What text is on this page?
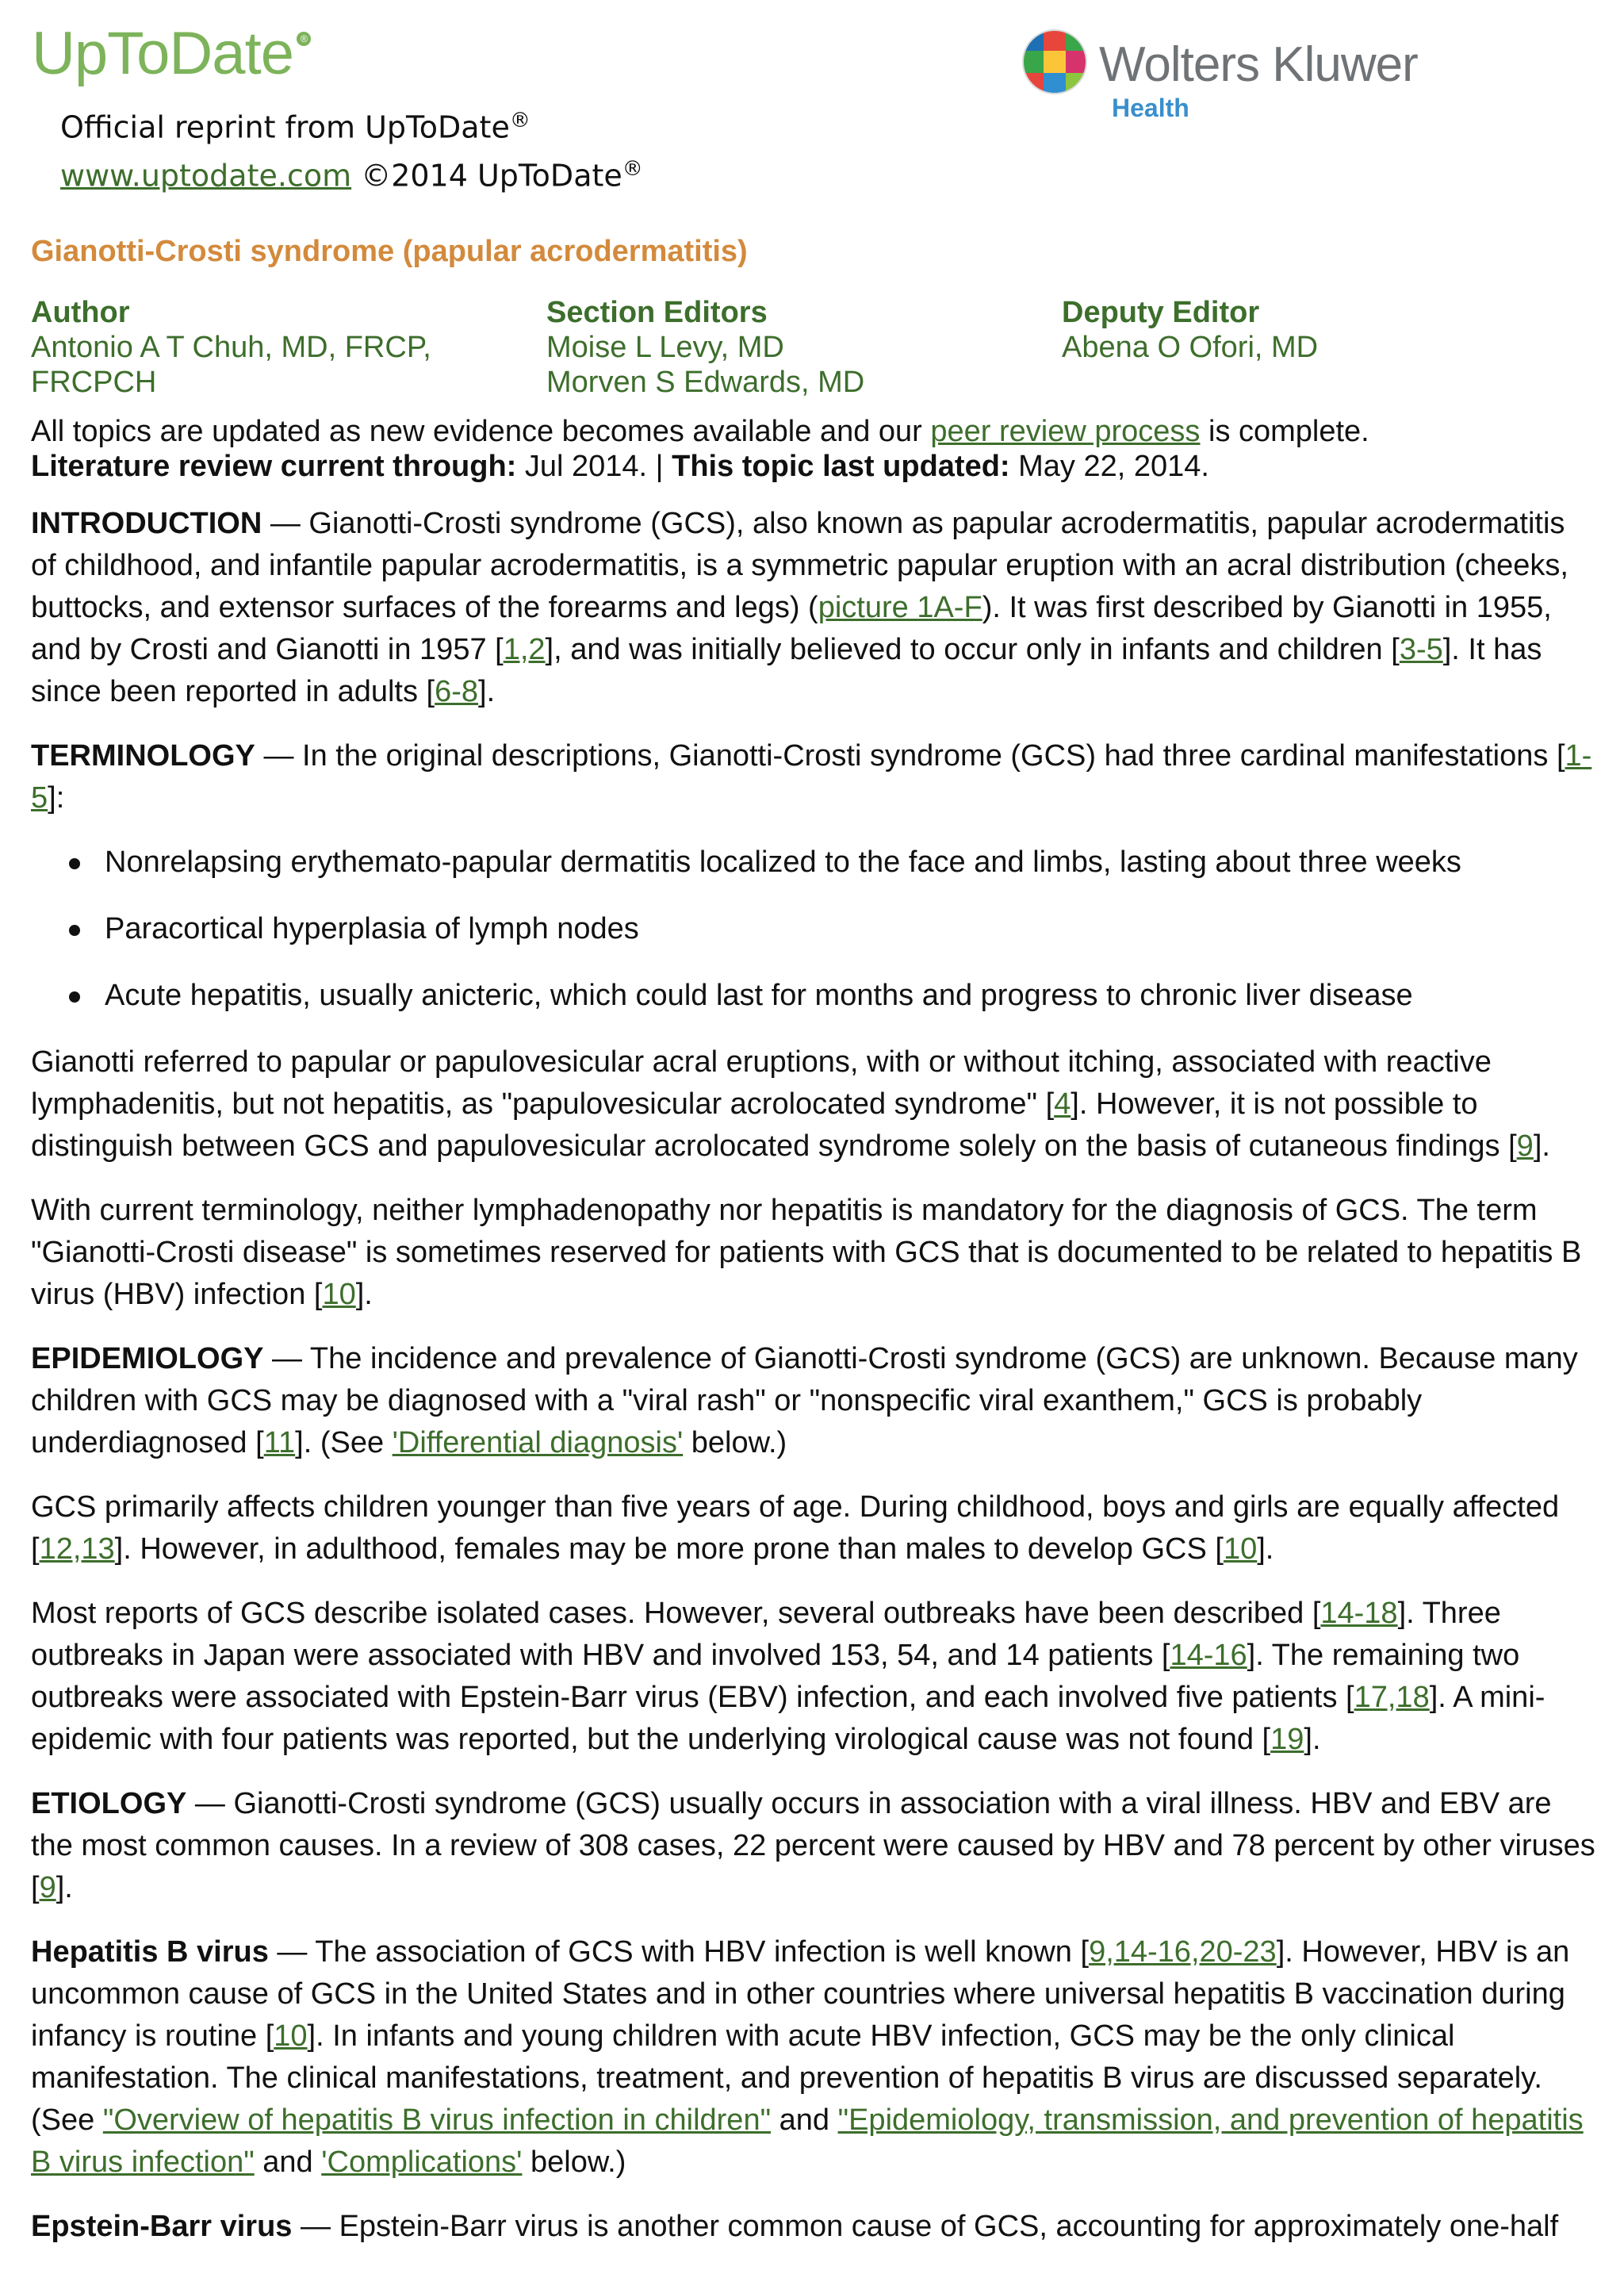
UpToDate ®
Official reprint from UpToDate®
www.uptodate.com ©2014 UpToDate®
Wolters Kluwer
Health
Gianotti-Crosti syndrome (papular acrodermatitis)
Author
Antonio A T Chuh, MD, FRCP,
FRCPCH
Section Editors
Moise L Levy, MD
Morven S Edwards, MD
Deputy Editor
Abena O Ofori, MD
All topics are updated as new evidence becomes available and our peer review process is complete.
Literature review current through: Jul 2014. | This topic last updated: May 22, 2014.

INTRODUCTION — Gianotti-Crosti syndrome (GCS), also known as papular acrodermatitis, papular acrodermatitis of childhood, and infantile papular acrodermatitis, is a symmetric papular eruption with an acral distribution (cheeks, buttocks, and extensor surfaces of the forearms and legs) (picture 1A-F). It was first described by Gianotti in 1955, and by Crosti and Gianotti in 1957 [1,2], and was initially believed to occur only in infants and children [3-5]. It has since been reported in adults [6-8].

TERMINOLOGY — In the original descriptions, Gianotti-Crosti syndrome (GCS) had three cardinal manifestations [1-5]:

Nonrelapsing erythemato-papular dermatitis localized to the face and limbs, lasting about three weeks
Paracortical hyperplasia of lymph nodes
Acute hepatitis, usually anicteric, which could last for months and progress to chronic liver disease

Gianotti referred to papular or papulovesicular acral eruptions, with or without itching, associated with reactive lymphadenitis, but not hepatitis, as "papulovesicular acrolocated syndrome" [4]. However, it is not possible to distinguish between GCS and papulovesicular acrolocated syndrome solely on the basis of cutaneous findings [9].

With current terminology, neither lymphadenopathy nor hepatitis is mandatory for the diagnosis of GCS. The term "Gianotti-Crosti disease" is sometimes reserved for patients with GCS that is documented to be related to hepatitis B virus (HBV) infection [10].

EPIDEMIOLOGY — The incidence and prevalence of Gianotti-Crosti syndrome (GCS) are unknown. Because many children with GCS may be diagnosed with a "viral rash" or "nonspecific viral exanthem," GCS is probably underdiagnosed [11]. (See 'Differential diagnosis' below.)

GCS primarily affects children younger than five years of age. During childhood, boys and girls are equally affected [12,13]. However, in adulthood, females may be more prone than males to develop GCS [10].

Most reports of GCS describe isolated cases. However, several outbreaks have been described [14-18]. Three outbreaks in Japan were associated with HBV and involved 153, 54, and 14 patients [14-16]. The remaining two outbreaks were associated with Epstein-Barr virus (EBV) infection, and each involved five patients [17,18]. A mini-epidemic with four patients was reported, but the underlying virological cause was not found [19].

ETIOLOGY — Gianotti-Crosti syndrome (GCS) usually occurs in association with a viral illness. HBV and EBV are the most common causes. In a review of 308 cases, 22 percent were caused by HBV and 78 percent by other viruses [9].

Hepatitis B virus — The association of GCS with HBV infection is well known [9,14-16,20-23]. However, HBV is an uncommon cause of GCS in the United States and in other countries where universal hepatitis B vaccination during infancy is routine [10]. In infants and young children with acute HBV infection, GCS may be the only clinical manifestation. The clinical manifestations, treatment, and prevention of hepatitis B virus are discussed separately. (See "Overview of hepatitis B virus infection in children" and "Epidemiology, transmission, and prevention of hepatitis B virus infection" and 'Complications' below.)

Epstein-Barr virus — Epstein-Barr virus is another common cause of GCS, accounting for approximately one-half
